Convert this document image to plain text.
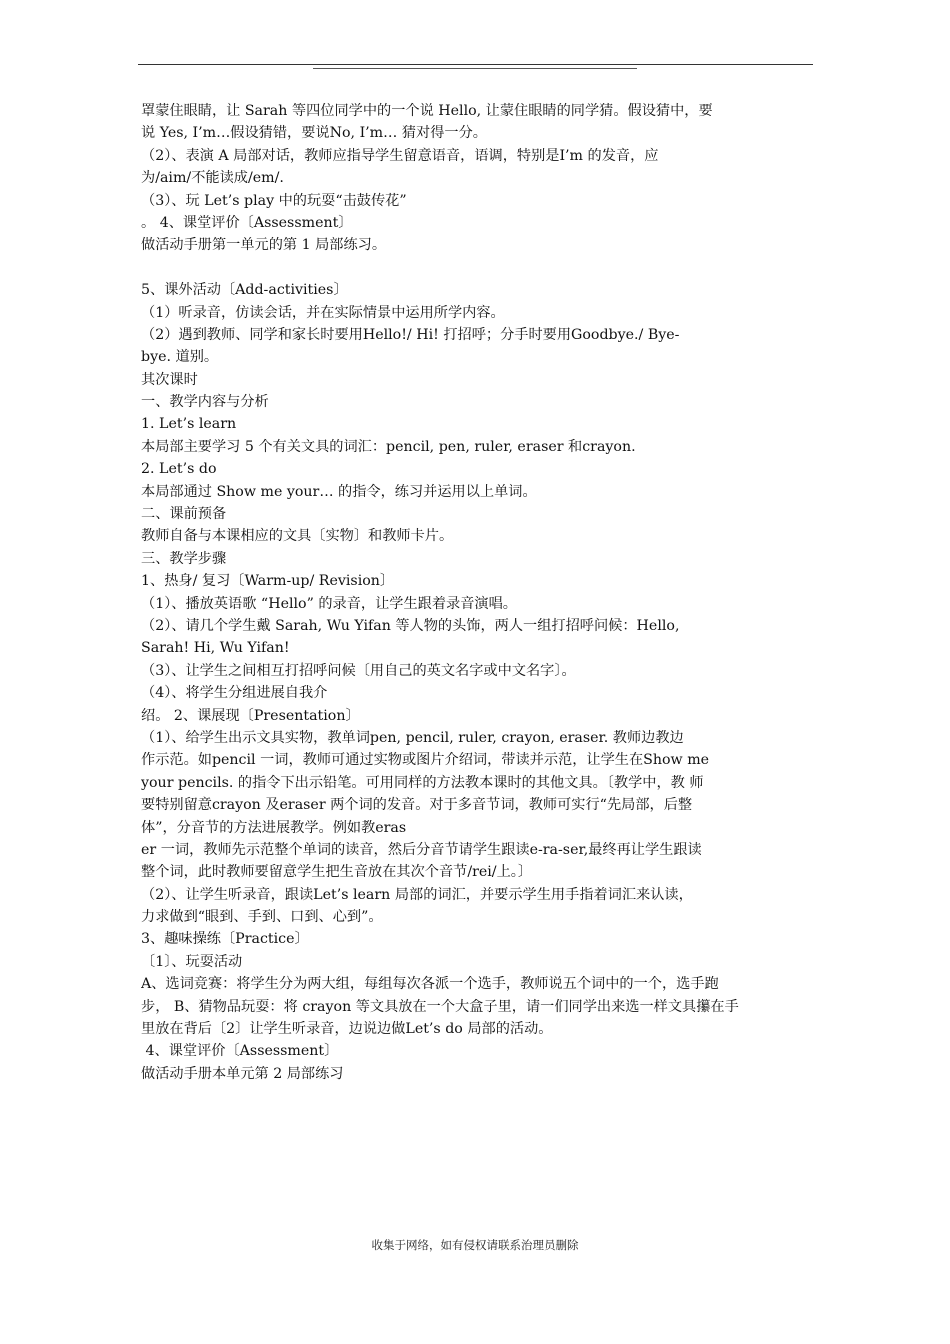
罩蒙住眼睛，让 Sarah 等四位同学中的一个说 Hello, 让蒙住眼睛的同学猜。假设猜中，要
说 Yes, I’m…假设猜错，要说No, I’m… 猜对得一分。
（2）、表演 A 局部对话，教师应指导学生留意语音，语调，特别是I’m 的发音，应
为/aim/不能读成/em/.
（3）、玩 Let’s play 中的玩耍“击鼓传花”
。 4、课堂评价〔Assessment〕
做活动手册第一单元的第 1 局部练习。
5、课外活动〔Add-activities〕
（1）听录音，仿读会话，并在实际情景中运用所学内容。
（2）遇到教师、同学和家长时要用Hello!/ Hi! 打招呼；分手时要用Goodbye./ Bye-
bye. 道别。
其次课时
一、教学内容与分析
1. Let’s learn
本局部主要学习 5 个有关文具的词汇：pencil, pen, ruler, eraser 和crayon.
2. Let’s do
本局部通过 Show me your… 的指令，练习并运用以上单词。
二、课前预备
教师自备与本课相应的文具〔实物〕和教师卡片。
三、教学步骤
1、热身/ 复习〔Warm-up/ Revision〕
（1）、播放英语歌 “Hello” 的录音，让学生跟着录音演唱。
（2）、请几个学生戴 Sarah, Wu Yifan 等人物的头饰，两人一组打招呼问候：Hello,
Sarah! Hi, Wu Yifan!
（3）、让学生之间相互打招呼问候〔用自己的英文名字或中文名字〕。
（4）、将学生分组进展自我介
绍。 2、课展现〔Presentation〕
（1）、给学生出示文具实物，教单词pen, pencil, ruler, crayon, eraser. 教师边教边
作示范。如pencil 一词，教师可通过实物或图片介绍词，带读并示范，让学生在Show me
your pencils. 的指令下出示铅笔。可用同样的方法教本课时的其他文具。〔教学中，教 师
要特别留意crayon 及eraser 两个词的发音。对于多音节词，教师可实行“先局部，后整
体”，分音节的方法进展教学。例如教eras
er 一词，教师先示范整个单词的读音，然后分音节请学生跟读e-ra-ser,最终再让学生跟读
整个词，此时教师要留意学生把生音放在其次个音节/rei/上。〕
（2）、让学生听录音，跟读Let’s learn 局部的词汇，并要示学生用手指着词汇来认读，
力求做到“眼到、手到、口到、心到”。
3、趣味操练〔Practice〕
〔1〕、玩耍活动
A、选词竞赛：将学生分为两大组，每组每次各派一个选手，教师说五个词中的一个，选手跑
步， B、猜物品玩耍：将 crayon 等文具放在一个大盒子里，请一们同学出来选一样文具攥在手
里放在背后〔2〕让学生听录音，边说边做Let’s do 局部的活动。
4、课堂评价〔Assessment〕
做活动手册本单元第 2 局部练习
收集于网络，如有侵权请联系治理员删除
